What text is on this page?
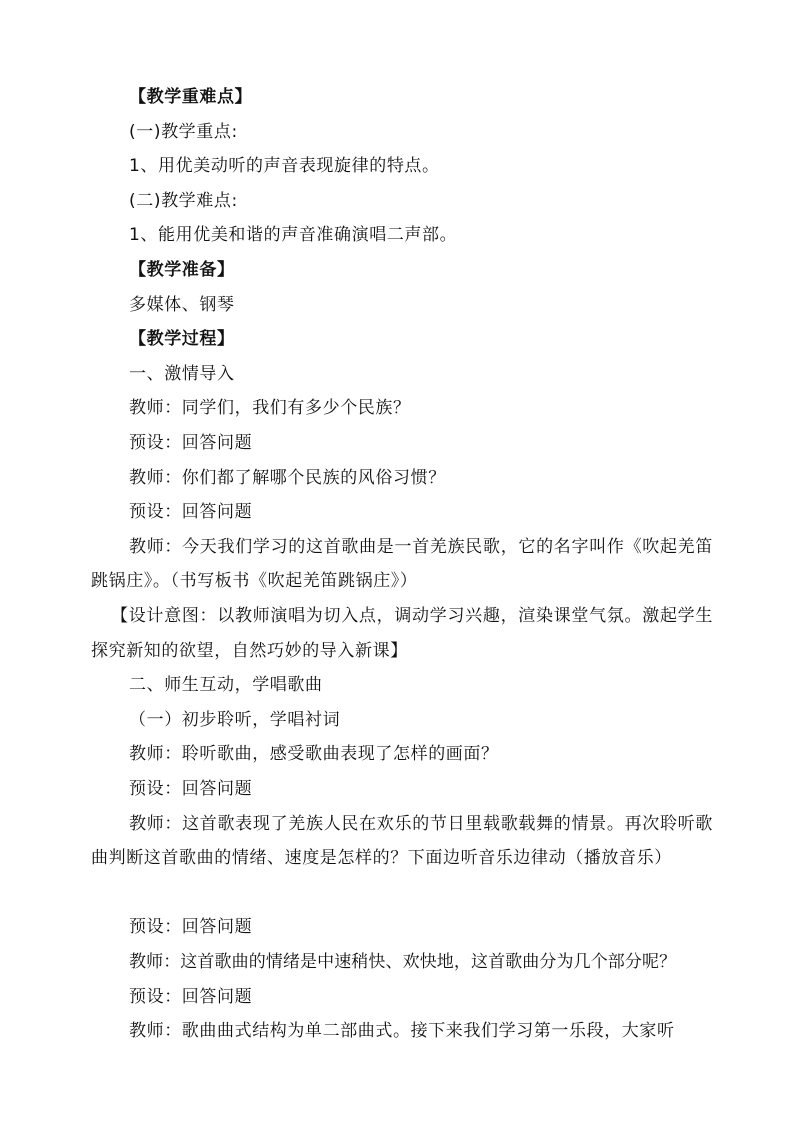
【教学重难点】
(一)教学重点:
1、用优美动听的声音表现旋律的特点。
(二)教学难点:
1、能用优美和谐的声音准确演唱二声部。
【教学准备】
多媒体、钢琴
【教学过程】
一、激情导入
教师：同学们，我们有多少个民族？
预设：回答问题
教师：你们都了解哪个民族的风俗习惯？
预设：回答问题
教师：今天我们学习的这首歌曲是一首羌族民歌，它的名字叫作《吹起羌笛跳锅庄》。（书写板书《吹起羌笛跳锅庄》）
【设计意图：以教师演唱为切入点，调动学习兴趣，渲染课堂气氛。激起学生探究新知的欲望，自然巧妙的导入新课】
二、师生互动，学唱歌曲
（一）初步聆听，学唱衬词
教师：聆听歌曲，感受歌曲表现了怎样的画面？
预设：回答问题
教师：这首歌表现了羌族人民在欢乐的节日里载歌载舞的情景。再次聆听歌曲判断这首歌曲的情绪、速度是怎样的？下面边听音乐边律动（播放音乐）
预设：回答问题
教师：这首歌曲的情绪是中速稍快、欢快地，这首歌曲分为几个部分呢？
预设：回答问题
教师：歌曲曲式结构为单二部曲式。接下来我们学习第一乐段，大家听
